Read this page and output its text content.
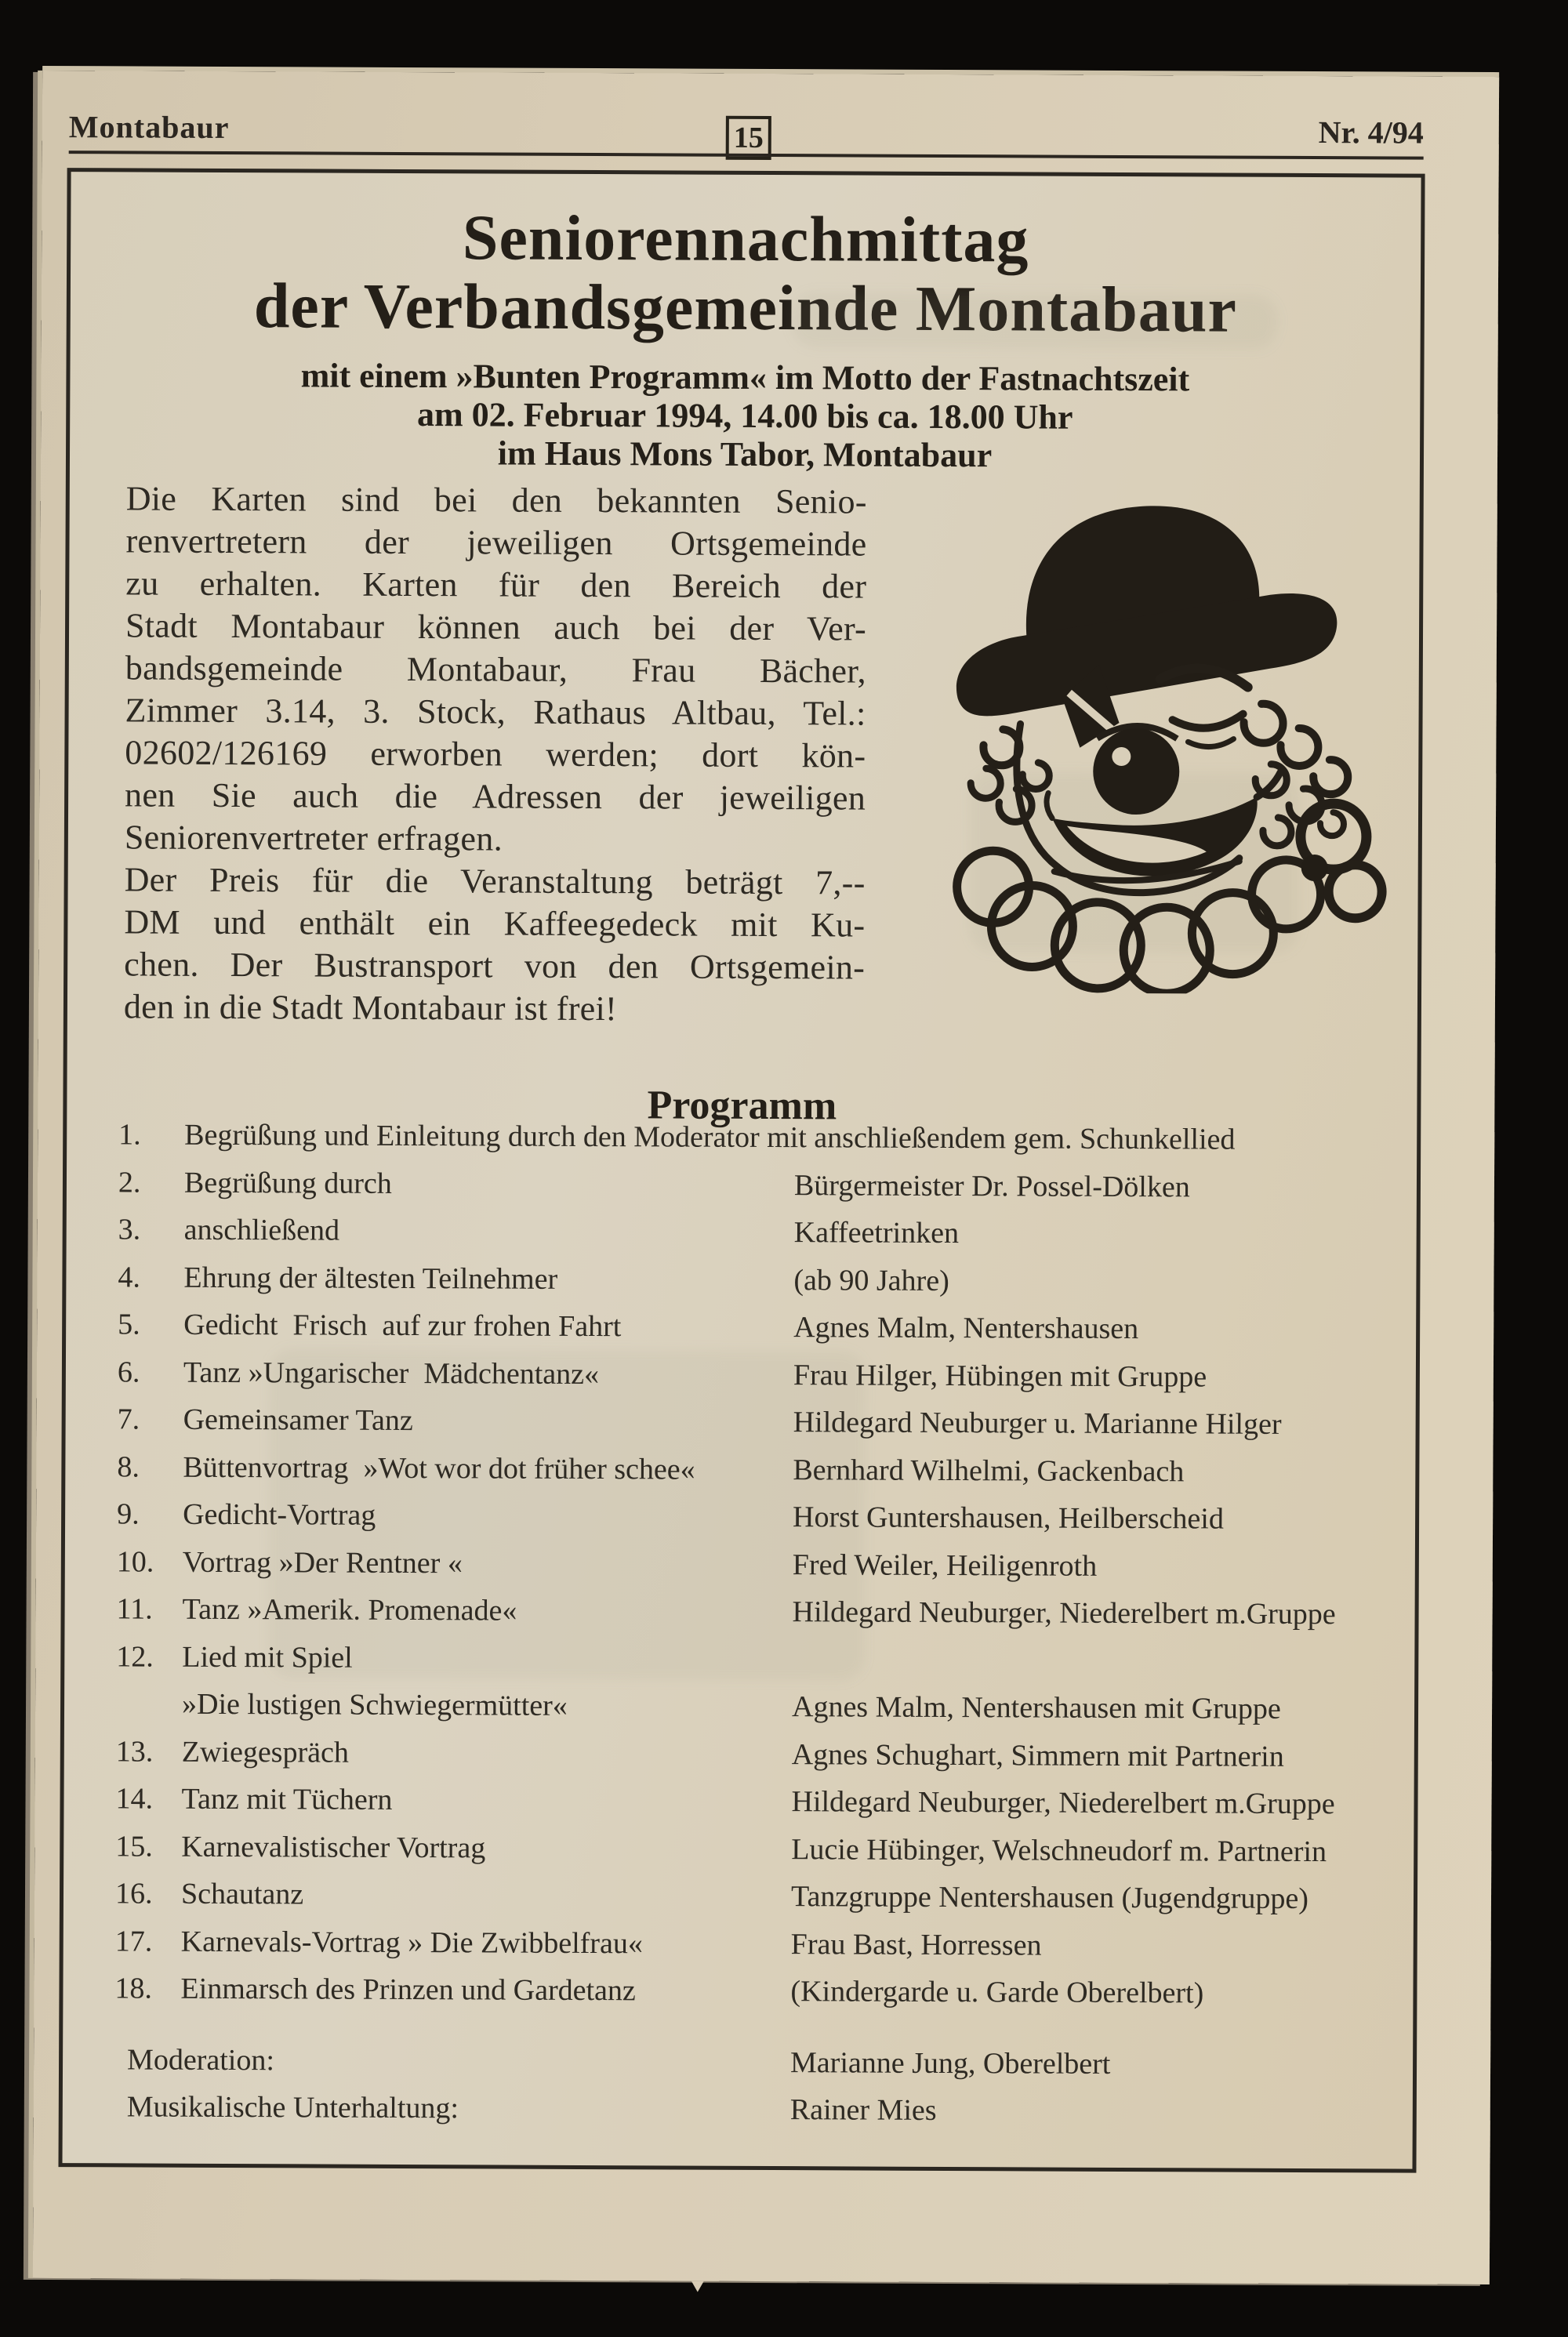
Montabaur	15	Nr. 4/94
Seniorennachmittag
der Verbandsgemeinde Montabaur
mit einem »Bunten Programm« im Motto der Fastnachtszeit
am 02. Februar 1994, 14.00 bis ca. 18.00 Uhr
im Haus Mons Tabor, Montabaur
Die Karten sind bei den bekannten Senio-
renvertretern der jeweiligen Ortsgemeinde
zu erhalten. Karten für den Bereich der
Stadt Montabaur können auch bei der Ver-
bandsgemeinde Montabaur, Frau Bächer,
Zimmer 3.14, 3. Stock, Rathaus Altbau, Tel.:
02602/126169 erworben werden; dort kön-
nen Sie auch die Adressen der jeweiligen
Seniorenvertreter erfragen.
Der Preis für die Veranstaltung beträgt 7,--
DM und enthält ein Kaffeegedeck mit Ku-
chen. Der Bustransport von den Ortsgemein-
den in die Stadt Montabaur ist frei!
Programm
1.	Begrüßung und Einleitung durch den Moderator mit anschließendem gem. Schunkellied
2.	Begrüßung durch	Bürgermeister Dr. Possel-Dölken
3.	anschließend	Kaffeetrinken
4.	Ehrung der ältesten Teilnehmer	(ab 90 Jahre)
5.	Gedicht  Frisch  auf zur frohen Fahrt	Agnes Malm, Nentershausen
6.	Tanz »Ungarischer  Mädchentanz«	Frau Hilger, Hübingen mit Gruppe
7.	Gemeinsamer Tanz	Hildegard Neuburger u. Marianne Hilger
8.	Büttenvortrag  »Wot wor dot früher schee«	Bernhard Wilhelmi, Gackenbach
9.	Gedicht-Vortrag	Horst Guntershausen, Heilberscheid
10. Vortrag »Der Rentner «	Fred Weiler, Heiligenroth
11. Tanz »Amerik. Promenade«	Hildegard Neuburger, Niederelbert m.Gruppe
12. Lied mit Spiel
»Die lustigen Schwiegermütter«	Agnes Malm, Nentershausen mit Gruppe
13. Zwiegespräch	Agnes Schughart, Simmern mit Partnerin
14. Tanz mit Tüchern	Hildegard Neuburger, Niederelbert m.Gruppe
15. Karnevalistischer Vortrag	Lucie Hübinger, Welschneudorf m. Partnerin
16. Schautanz	Tanzgruppe Nentershausen (Jugendgruppe)
17. Karnevals-Vortrag » Die Zwibbelfrau«	Frau Bast, Horressen
18. Einmarsch des Prinzen und Gardetanz	(Kindergarde u. Garde Oberelbert)
Moderation:	Marianne Jung, Oberelbert
Musikalische Unterhaltung:	Rainer Mies
